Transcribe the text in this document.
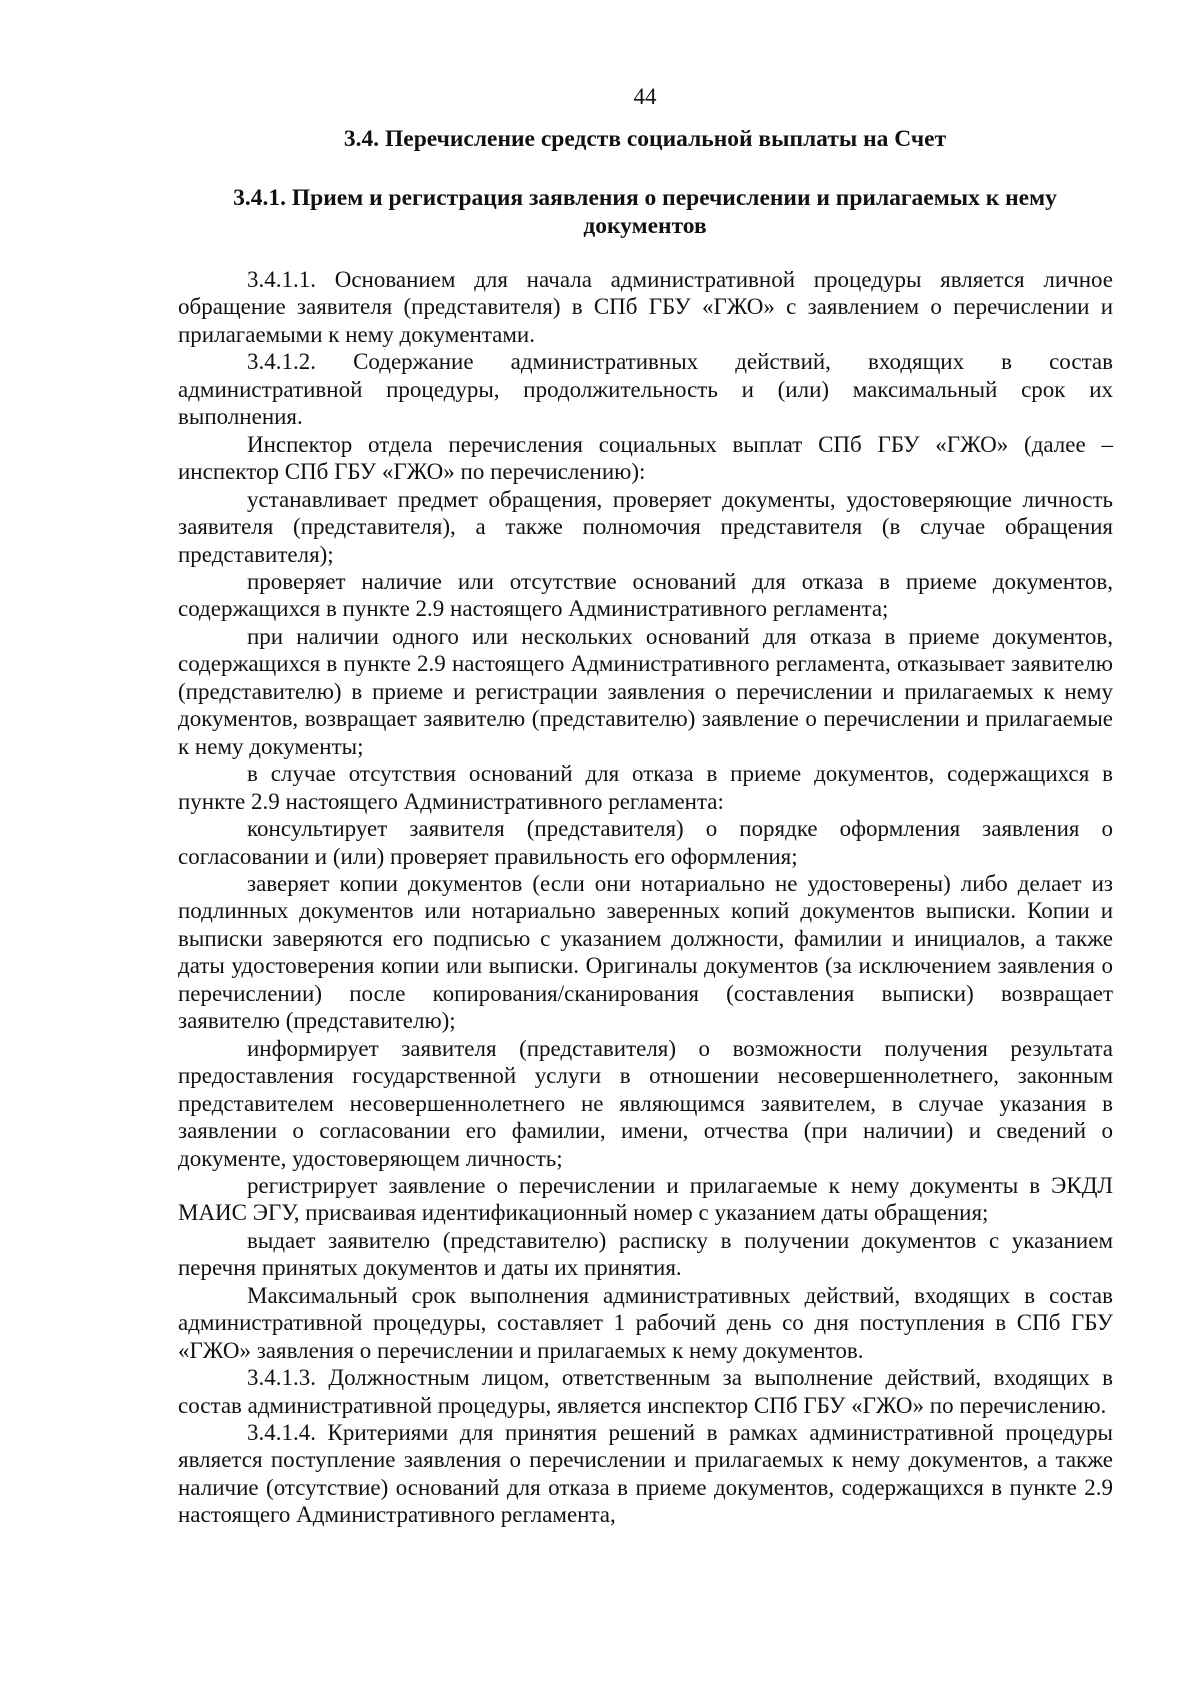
44
3.4. Перечисление средств социальной выплаты на Счет
3.4.1. Прием и регистрация заявления о перечислении и прилагаемых к нему документов

3.4.1.1. Основанием для начала административной процедуры является личное обращение заявителя (представителя) в СПб ГБУ «ГЖО» с заявлением о перечислении и прилагаемыми к нему документами.

3.4.1.2. Содержание административных действий, входящих в состав административной процедуры, продолжительность и (или) максимальный срок их выполнения.

Инспектор отдела перечисления социальных выплат СПб ГБУ «ГЖО» (далее – инспектор СПб ГБУ «ГЖО» по перечислению):

устанавливает предмет обращения, проверяет документы, удостоверяющие личность заявителя (представителя), а также полномочия представителя (в случае обращения представителя);

проверяет наличие или отсутствие оснований для отказа в приеме документов, содержащихся в пункте 2.9 настоящего Административного регламента;

при наличии одного или нескольких оснований для отказа в приеме документов, содержащихся в пункте 2.9 настоящего Административного регламента, отказывает заявителю (представителю) в приеме и регистрации заявления о перечислении и прилагаемых к нему документов, возвращает заявителю (представителю) заявление о перечислении и прилагаемые к нему документы;

в случае отсутствия оснований для отказа в приеме документов, содержащихся в пункте 2.9 настоящего Административного регламента:

консультирует заявителя (представителя) о порядке оформления заявления о согласовании и (или) проверяет правильность его оформления;

заверяет копии документов (если они нотариально не удостоверены) либо делает из подлинных документов или нотариально заверенных копий документов выписки. Копии и выписки заверяются его подписью с указанием должности, фамилии и инициалов, а также даты удостоверения копии или выписки. Оригиналы документов (за исключением заявления о перечислении) после копирования/сканирования (составления выписки) возвращает заявителю (представителю);

информирует заявителя (представителя) о возможности получения результата предоставления государственной услуги в отношении несовершеннолетнего, законным представителем несовершеннолетнего не являющимся заявителем, в случае указания в заявлении о согласовании его фамилии, имени, отчества (при наличии) и сведений о документе, удостоверяющем личность;

регистрирует заявление о перечислении и прилагаемые к нему документы в ЭКДЛ МАИС ЭГУ, присваивая идентификационный номер с указанием даты обращения;

выдает заявителю (представителю) расписку в получении документов с указанием перечня принятых документов и даты их принятия.

Максимальный срок выполнения административных действий, входящих в состав административной процедуры, составляет 1 рабочий день со дня поступления в СПб ГБУ «ГЖО» заявления о перечислении и прилагаемых к нему документов.

3.4.1.3. Должностным лицом, ответственным за выполнение действий, входящих в состав административной процедуры, является инспектор СПб ГБУ «ГЖО» по перечислению.

3.4.1.4. Критериями для принятия решений в рамках административной процедуры является поступление заявления о перечислении и прилагаемых к нему документов, а также наличие (отсутствие) оснований для отказа в приеме документов, содержащихся в пункте 2.9 настоящего Административного регламента,
